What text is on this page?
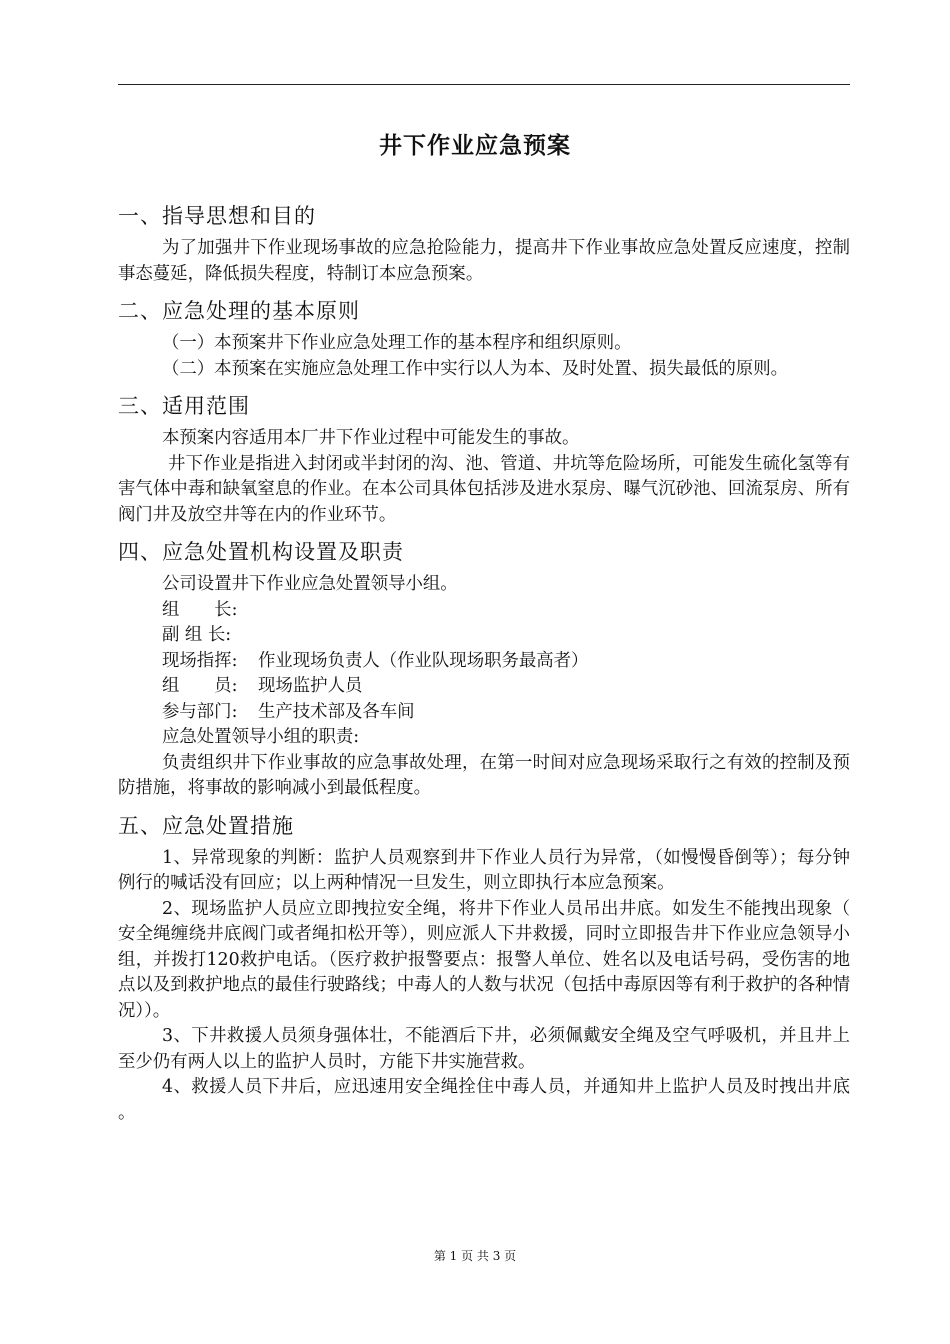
井下作业应急预案
一、指导思想和目的

为了加强井下作业现场事故的应急抢险能力，提高井下作业事故应急处置反应速度，控制事态蔓延，降低损失程度，特制订本应急预案。

二、应急处理的基本原则

（一）本预案井下作业应急处理工作的基本程序和组织原则。

（二）本预案在实施应急处理工作中实行以人为本、及时处置、损失最低的原则。

三、适用范围

本预案内容适用本厂井下作业过程中可能发生的事故。

井下作业是指进入封闭或半封闭的沟、池、管道、井坑等危险场所，可能发生硫化氢等有害气体中毒和缺氧窒息的作业。在本公司具体包括涉及进水泵房、曝气沉砂池、回流泵房、所有阀门井及放空井等在内的作业环节。

四、应急处置机构设置及职责

公司设置井下作业应急处置领导小组。

组　　长:

副 组 长:

现场指挥: 作业现场负责人（作业队现场职务最高者）

组　　员: 现场监护人员

参与部门: 生产技术部及各车间

应急处置领导小组的职责:

负责组织井下作业事故的应急事故处理，在第一时间对应急现场采取行之有效的控制及预防措施，将事故的影响减小到最低程度。

五、应急处置措施

1、异常现象的判断：监护人员观察到井下作业人员行为异常，（如慢慢昏倒等）；每分钟例行的喊话没有回应；以上两种情况一旦发生，则立即执行本应急预案。

2、现场监护人员应立即拽拉安全绳，将井下作业人员吊出井底。如发生不能拽出现象（安全绳缠绕井底阀门或者绳扣松开等），则应派人下井救援，同时立即报告井下作业应急领导小组，并拨打120救护电话。（医疗救护报警要点：报警人单位、姓名以及电话号码，受伤害的地点以及到救护地点的最佳行驶路线；中毒人的人数与状况（包括中毒原因等有利于救护的各种情况））。

3、下井救援人员须身强体壮，不能酒后下井，必须佩戴安全绳及空气呼吸机，并且井上至少仍有两人以上的监护人员时，方能下井实施营救。

4、救援人员下井后，应迅速用安全绳拴住中毒人员，并通知井上监护人员及时拽出井底。

第 1 页 共 3 页
